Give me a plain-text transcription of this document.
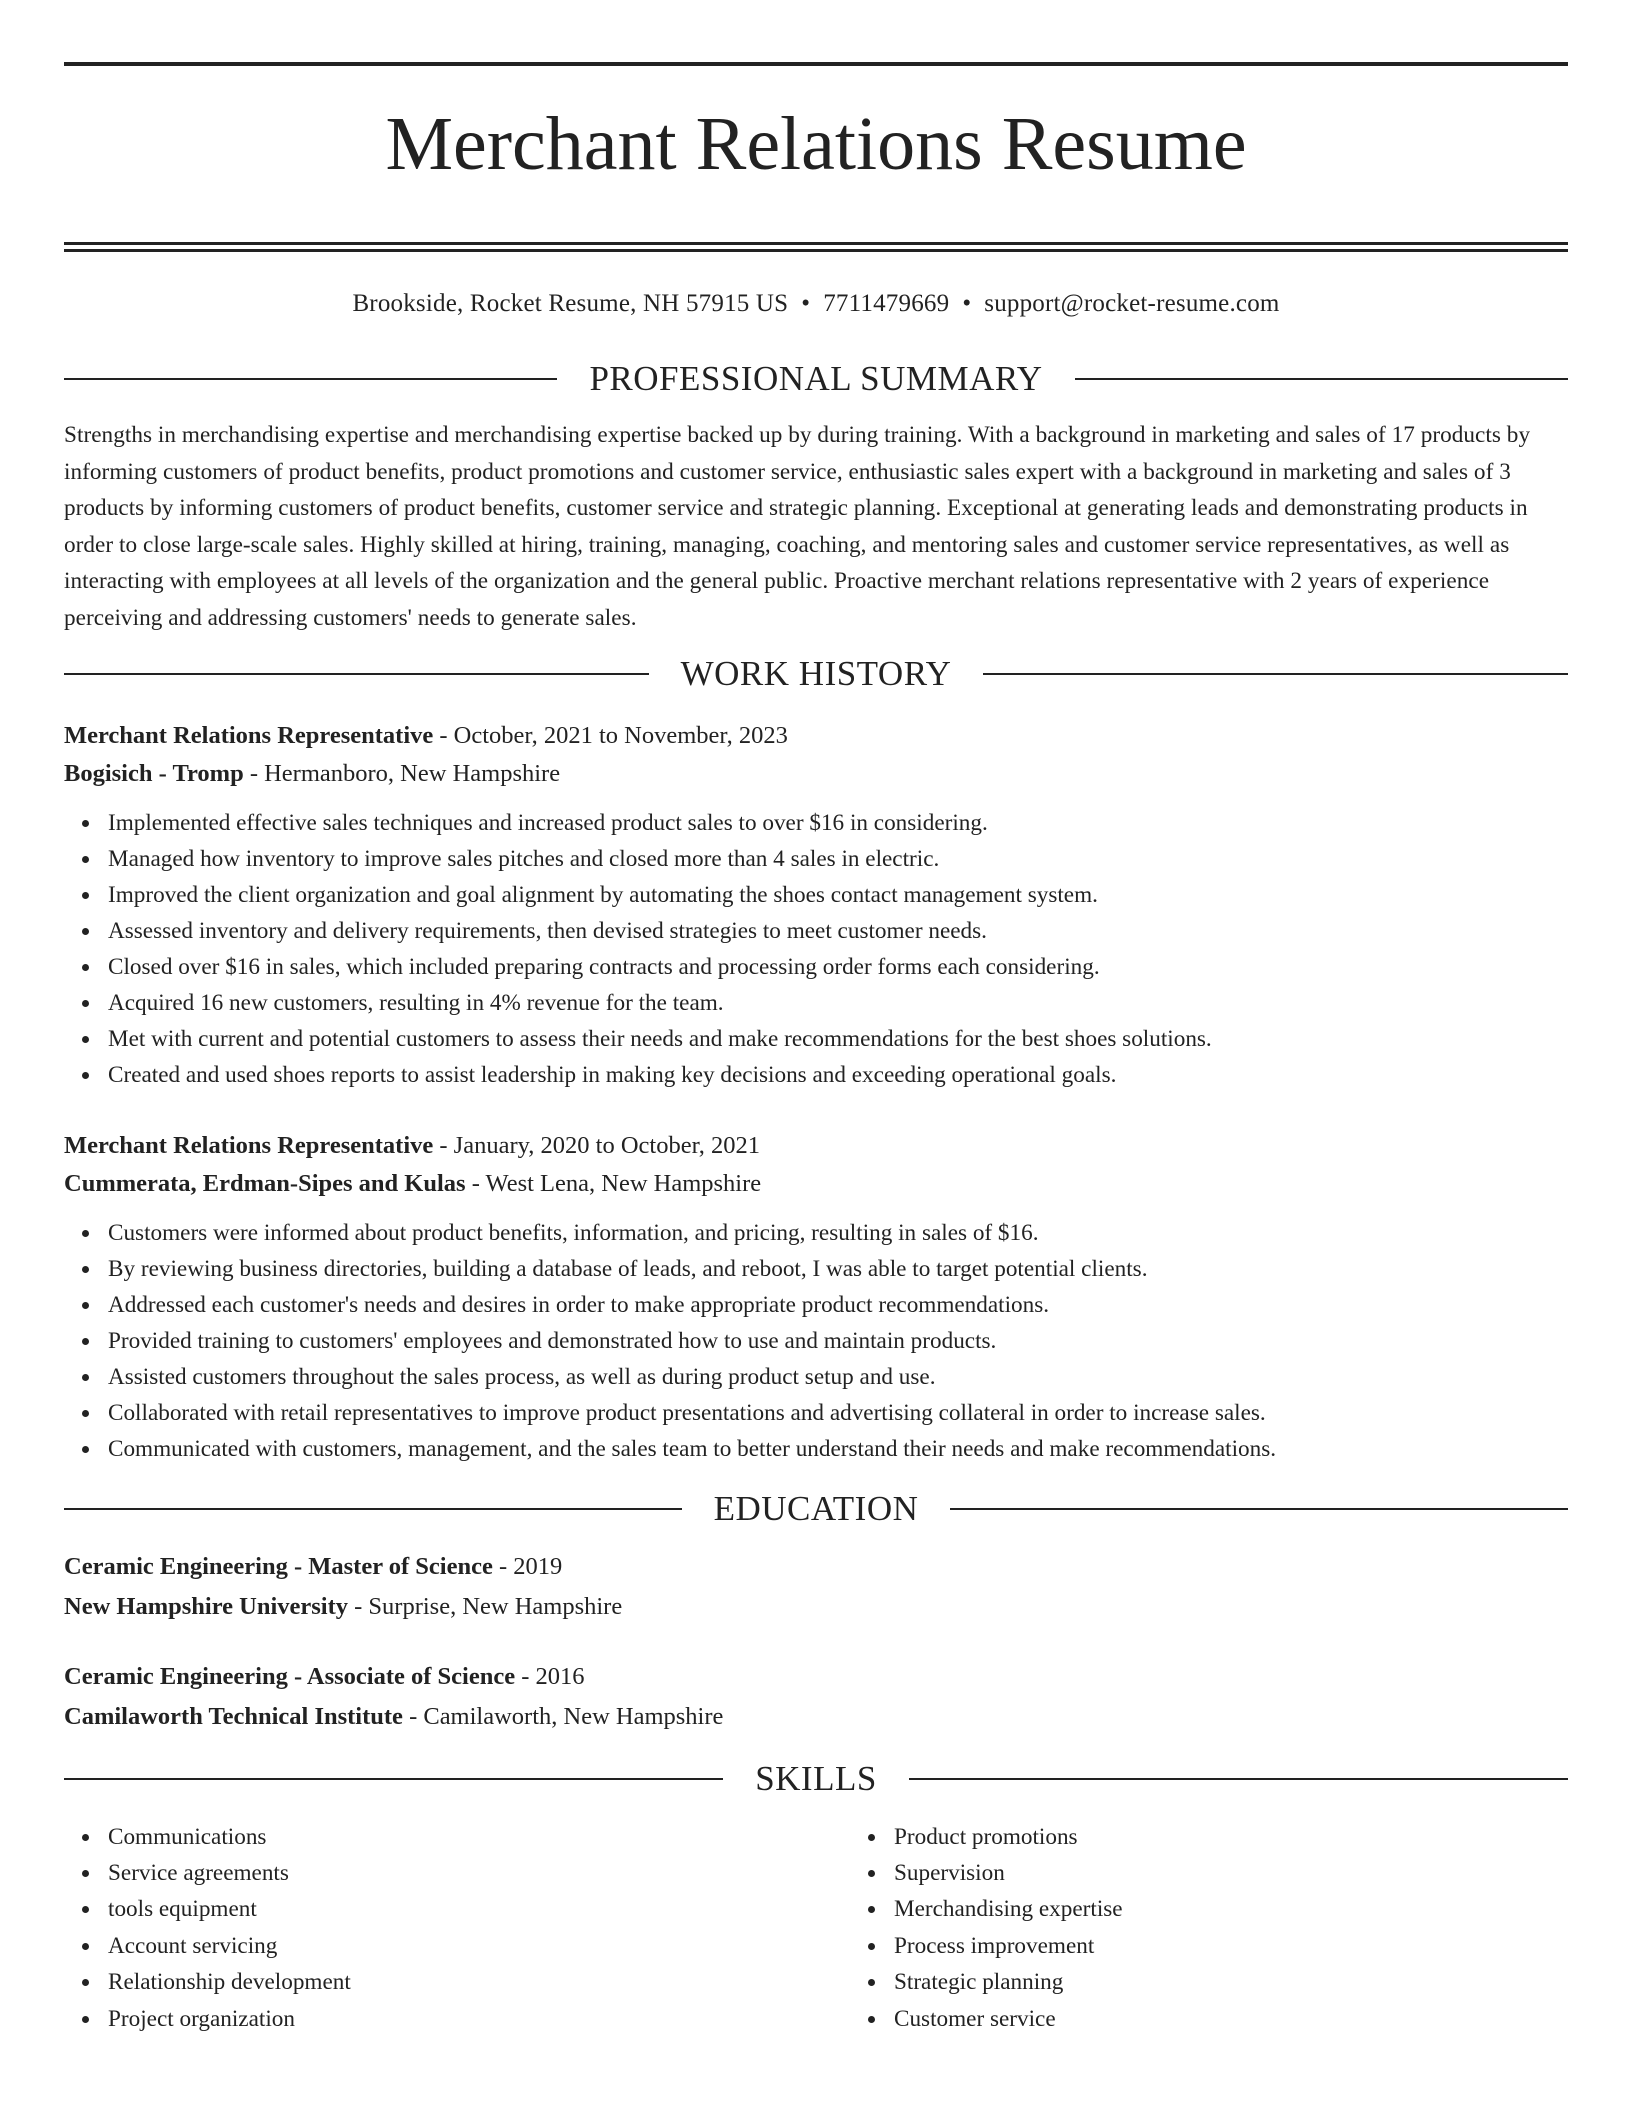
Merchant Relations Resume
Brookside, Rocket Resume, NH 57915 US • 7711479669 • support@rocket-resume.com
PROFESSIONAL SUMMARY

Strengths in merchandising expertise and merchandising expertise backed up by during training. With a background in marketing and sales of 17 products by informing customers of product benefits, product promotions and customer service, enthusiastic sales expert with a background in marketing and sales of 3 products by informing customers of product benefits, customer service and strategic planning. Exceptional at generating leads and demonstrating products in order to close large-scale sales. Highly skilled at hiring, training, managing, coaching, and mentoring sales and customer service representatives, as well as interacting with employees at all levels of the organization and the general public. Proactive merchant relations representative with 2 years of experience perceiving and addressing customers' needs to generate sales.

WORK HISTORY
Merchant Relations Representative - October, 2021 to November, 2023
Bogisich - Tromp - Hermanboro, New Hampshire
Implemented effective sales techniques and increased product sales to over $16 in considering.
Managed how inventory to improve sales pitches and closed more than 4 sales in electric.
Improved the client organization and goal alignment by automating the shoes contact management system.
Assessed inventory and delivery requirements, then devised strategies to meet customer needs.
Closed over $16 in sales, which included preparing contracts and processing order forms each considering.
Acquired 16 new customers, resulting in 4% revenue for the team.
Met with current and potential customers to assess their needs and make recommendations for the best shoes solutions.
Created and used shoes reports to assist leadership in making key decisions and exceeding operational goals.
Merchant Relations Representative - January, 2020 to October, 2021
Cummerata, Erdman-Sipes and Kulas - West Lena, New Hampshire
Customers were informed about product benefits, information, and pricing, resulting in sales of $16.
By reviewing business directories, building a database of leads, and reboot, I was able to target potential clients.
Addressed each customer's needs and desires in order to make appropriate product recommendations.
Provided training to customers' employees and demonstrated how to use and maintain products.
Assisted customers throughout the sales process, as well as during product setup and use.
Collaborated with retail representatives to improve product presentations and advertising collateral in order to increase sales.
Communicated with customers, management, and the sales team to better understand their needs and make recommendations.
EDUCATION
Ceramic Engineering - Master of Science - 2019
New Hampshire University - Surprise, New Hampshire
Ceramic Engineering - Associate of Science - 2016
Camilaworth Technical Institute - Camilaworth, New Hampshire
SKILLS
Communications
Service agreements
tools equipment
Account servicing
Relationship development
Project organization
Product promotions
Supervision
Merchandising expertise
Process improvement
Strategic planning
Customer service
